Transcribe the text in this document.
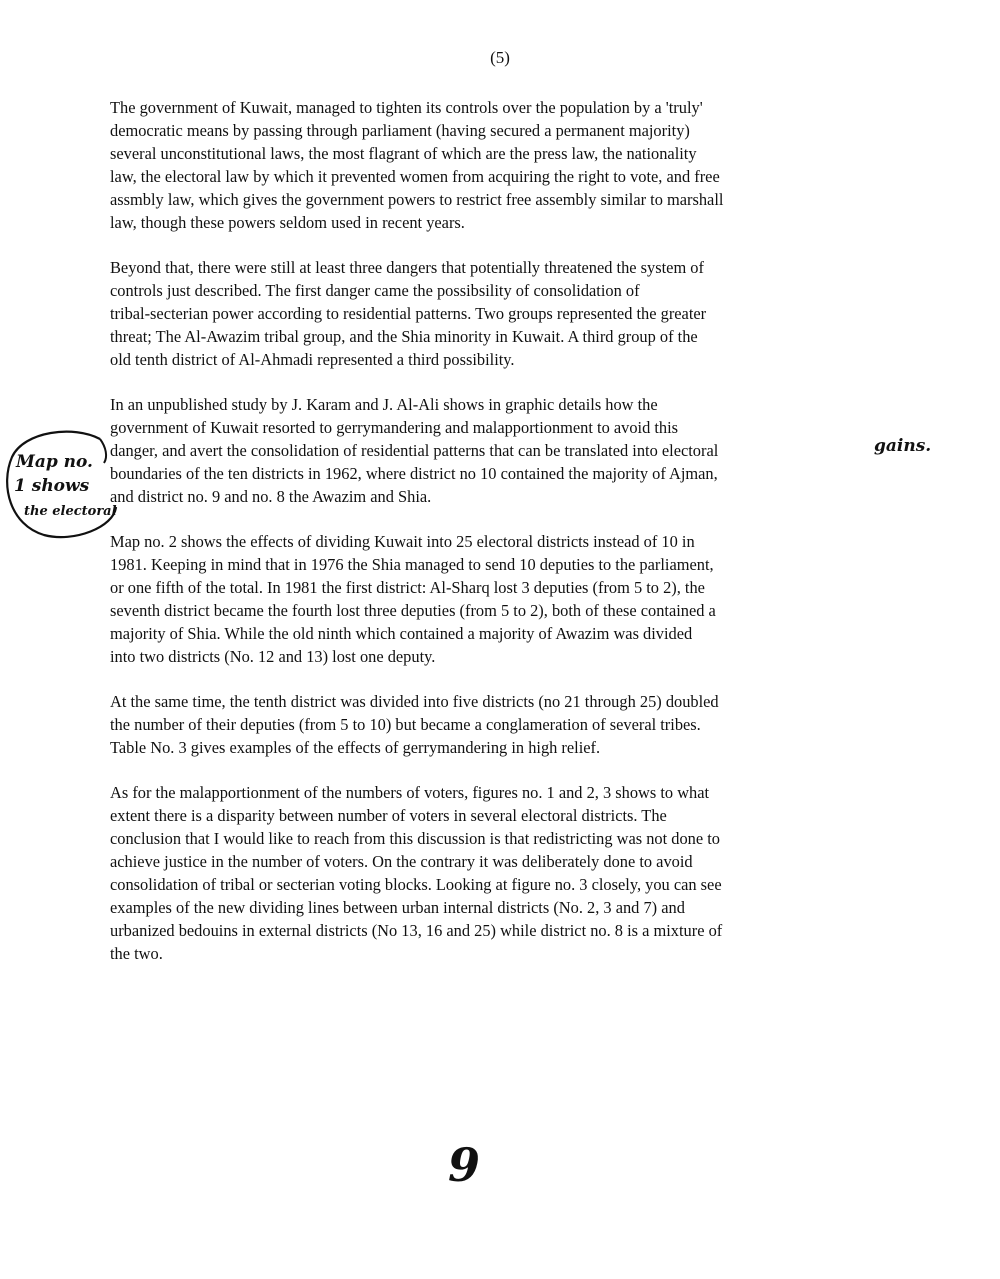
(5)

The government of Kuwait, managed to tighten its controls over the population by a 'truly'
democratic means by passing through parliament (having secured a permanent majority)
several unconstitutional laws, the most flagrant of which are the press law, the nationality
law, the electoral law by which it prevented women from acquiring the right to vote, and free
assmbly law, which gives the government powers to restrict free assembly similar to marshall
law, though these powers seldom used in recent years.

Beyond that, there were still at least three dangers that potentially threatened the system of
controls just described. The first danger came the possibsility of consolidation of
tribal-secterian power according to residential patterns. Two groups represented the greater
threat; The Al-Awazim tribal group, and the Shia minority in Kuwait. A third group of the
old tenth district of Al-Ahmadi represented a third possibility.

In an unpublished study by J. Karam and J. Al-Ali shows in graphic details how the
government of Kuwait resorted to gerrymandering and malapportionment to avoid this
danger, and avert the consolidation of residential patterns that can be translated into electoral
boundaries of the ten districts in 1962, where district no 10 contained the majority of Ajman,
and district no. 9 and no. 8 the Awazim and Shia.

Map no. 2 shows the effects of dividing Kuwait into 25 electoral districts instead of 10 in
1981. Keeping in mind that in 1976 the Shia managed to send 10 deputies to the parliament,
or one fifth of the total. In 1981 the first district: Al-Sharq lost 3 deputies (from 5 to 2), the
seventh district became the fourth lost three deputies (from 5 to 2), both of these contained a
majority of Shia. While the old ninth which contained a majority of Awazim was divided
into two districts (No. 12 and 13) lost one deputy.

At the same time, the tenth district was divided into five districts (no 21 through 25) doubled
the number of their deputies (from 5 to 10) but became a conglameration of several tribes.
Table No. 3 gives examples of the effects of gerrymandering in high relief.

As for the malapportionment of the numbers of voters, figures no. 1 and 2, 3 shows to what
extent there is a disparity between number of voters in several electoral districts. The
conclusion that I would like to reach from this discussion is that redistricting was not done to
achieve justice in the number of voters. On the contrary it was deliberately done to avoid
consolidation of tribal or secterian voting blocks. Looking at figure no. 3 closely, you can see
examples of the new dividing lines between urban internal districts (No. 2, 3 and 7) and
urbanized bedouins in external districts (No 13, 16 and 25) while district no. 8 is a mixture of
the two.

Map no.
1 shows
the electoral
gains.
9
